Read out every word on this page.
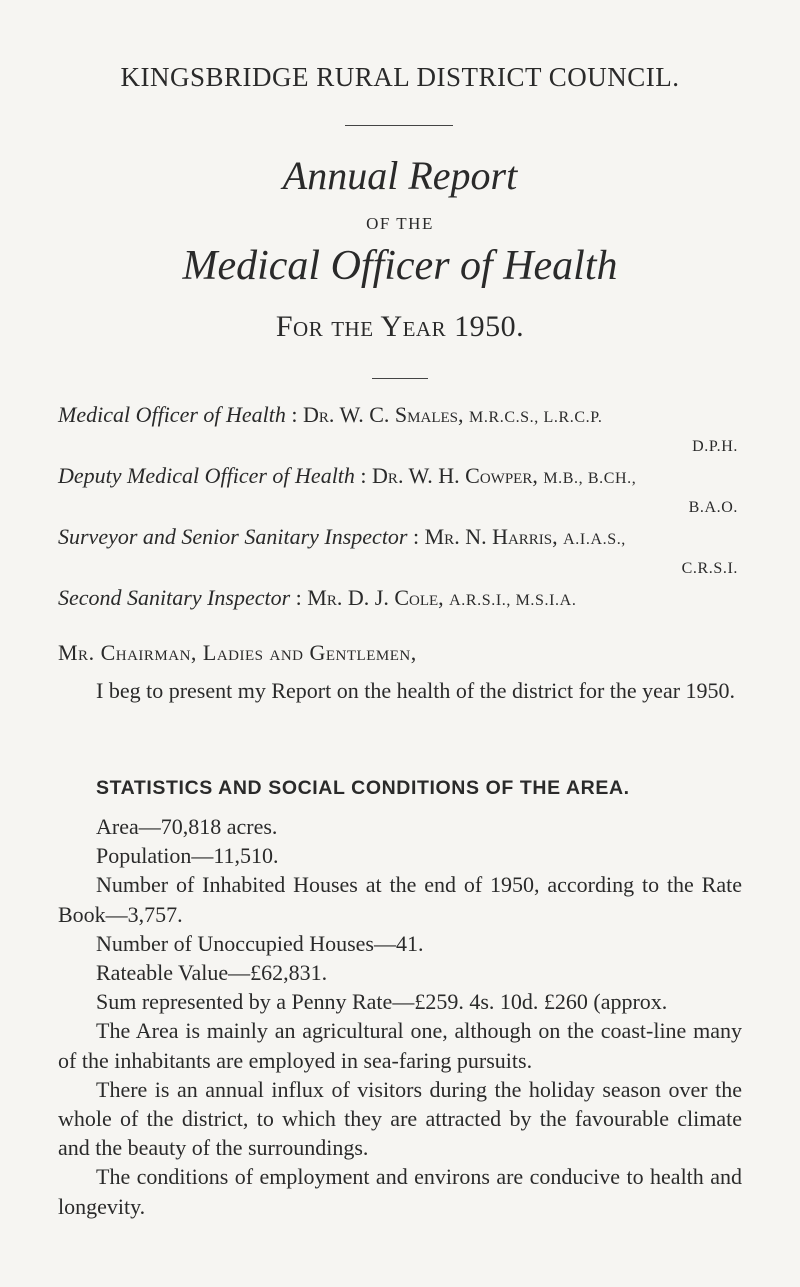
KINGSBRIDGE RURAL DISTRICT COUNCIL.
Annual Report
OF THE
Medical Officer of Health
For the Year 1950.
Medical Officer of Health : Dr. W. C. Smales, M.R.C.S., L.R.C.P.
D.P.H.
Deputy Medical Officer of Health : Dr. W. H. Cowper, M.B., B.CH.,
B.A.O.
Surveyor and Senior Sanitary Inspector : Mr. N. Harris, A.I.A.S.,
C.R.S.I.
Second Sanitary Inspector : Mr. D. J. Cole, A.R.S.I., M.S.I.A.
Mr. Chairman, Ladies and Gentlemen,
I beg to present my Report on the health of the district for the year 1950.
STATISTICS AND SOCIAL CONDITIONS OF THE AREA.

Area—70,818 acres.

Population—11,510.

Number of Inhabited Houses at the end of 1950, according to the Rate Book—3,757.

Number of Unoccupied Houses—41.

Rateable Value—£62,831.

Sum represented by a Penny Rate—£259. 4s. 10d. £260 (approx.

The Area is mainly an agricultural one, although on the coast-line many of the inhabitants are employed in sea-faring pursuits.

There is an annual influx of visitors during the holiday season over the whole of the district, to which they are attracted by the favourable climate and the beauty of the surroundings.

The conditions of employment and environs are conducive to health and longevity.
